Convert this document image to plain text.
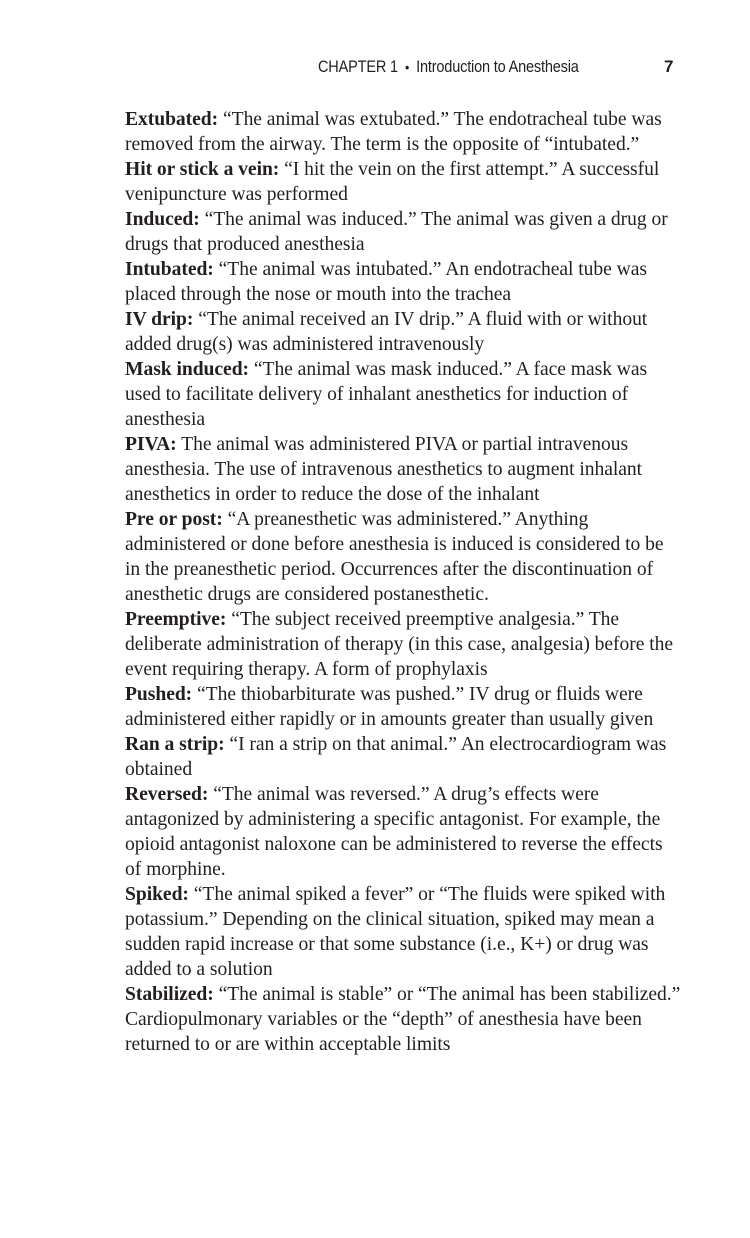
CHAPTER 1 • Introduction to Anesthesia	7

Extubated: “The animal was extubated.” The endotracheal tube was removed from the airway. The term is the opposite of “intubated.”

Hit or stick a vein: “I hit the vein on the first attempt.” A successful venipuncture was performed

Induced: “The animal was induced.” The animal was given a drug or drugs that produced anesthesia

Intubated: “The animal was intubated.” An endotracheal tube was placed through the nose or mouth into the trachea

IV drip: “The animal received an IV drip.” A fluid with or without added drug(s) was administered intravenously

Mask induced: “The animal was mask induced.” A face mask was used to facilitate delivery of inhalant anesthetics for induction of anesthesia

PIVA: The animal was administered PIVA or partial intravenous anesthesia. The use of intravenous anesthetics to augment inhalant anesthetics in order to reduce the dose of the inhalant

Pre or post: “A preanesthetic was administered.” Anything administered or done before anesthesia is induced is considered to be in the preanesthetic period. Occurrences after the discontinuation of anesthetic drugs are considered postanesthetic.

Preemptive: “The subject received preemptive analgesia.” The deliberate administration of therapy (in this case, analgesia) before the event requiring therapy. A form of prophylaxis

Pushed: “The thiobarbiturate was pushed.” IV drug or fluids were administered either rapidly or in amounts greater than usually given

Ran a strip: “I ran a strip on that animal.” An electrocardiogram was obtained

Reversed: “The animal was reversed.” A drug’s effects were antagonized by administering a specific antagonist. For example, the opioid antagonist naloxone can be administered to reverse the effects of morphine.

Spiked: “The animal spiked a fever” or “The fluids were spiked with potassium.” Depending on the clinical situation, spiked may mean a sudden rapid increase or that some substance (i.e., K+) or drug was added to a solution

Stabilized: “The animal is stable” or “The animal has been stabilized.” Cardiopulmonary variables or the “depth” of anesthesia have been returned to or are within acceptable limits
